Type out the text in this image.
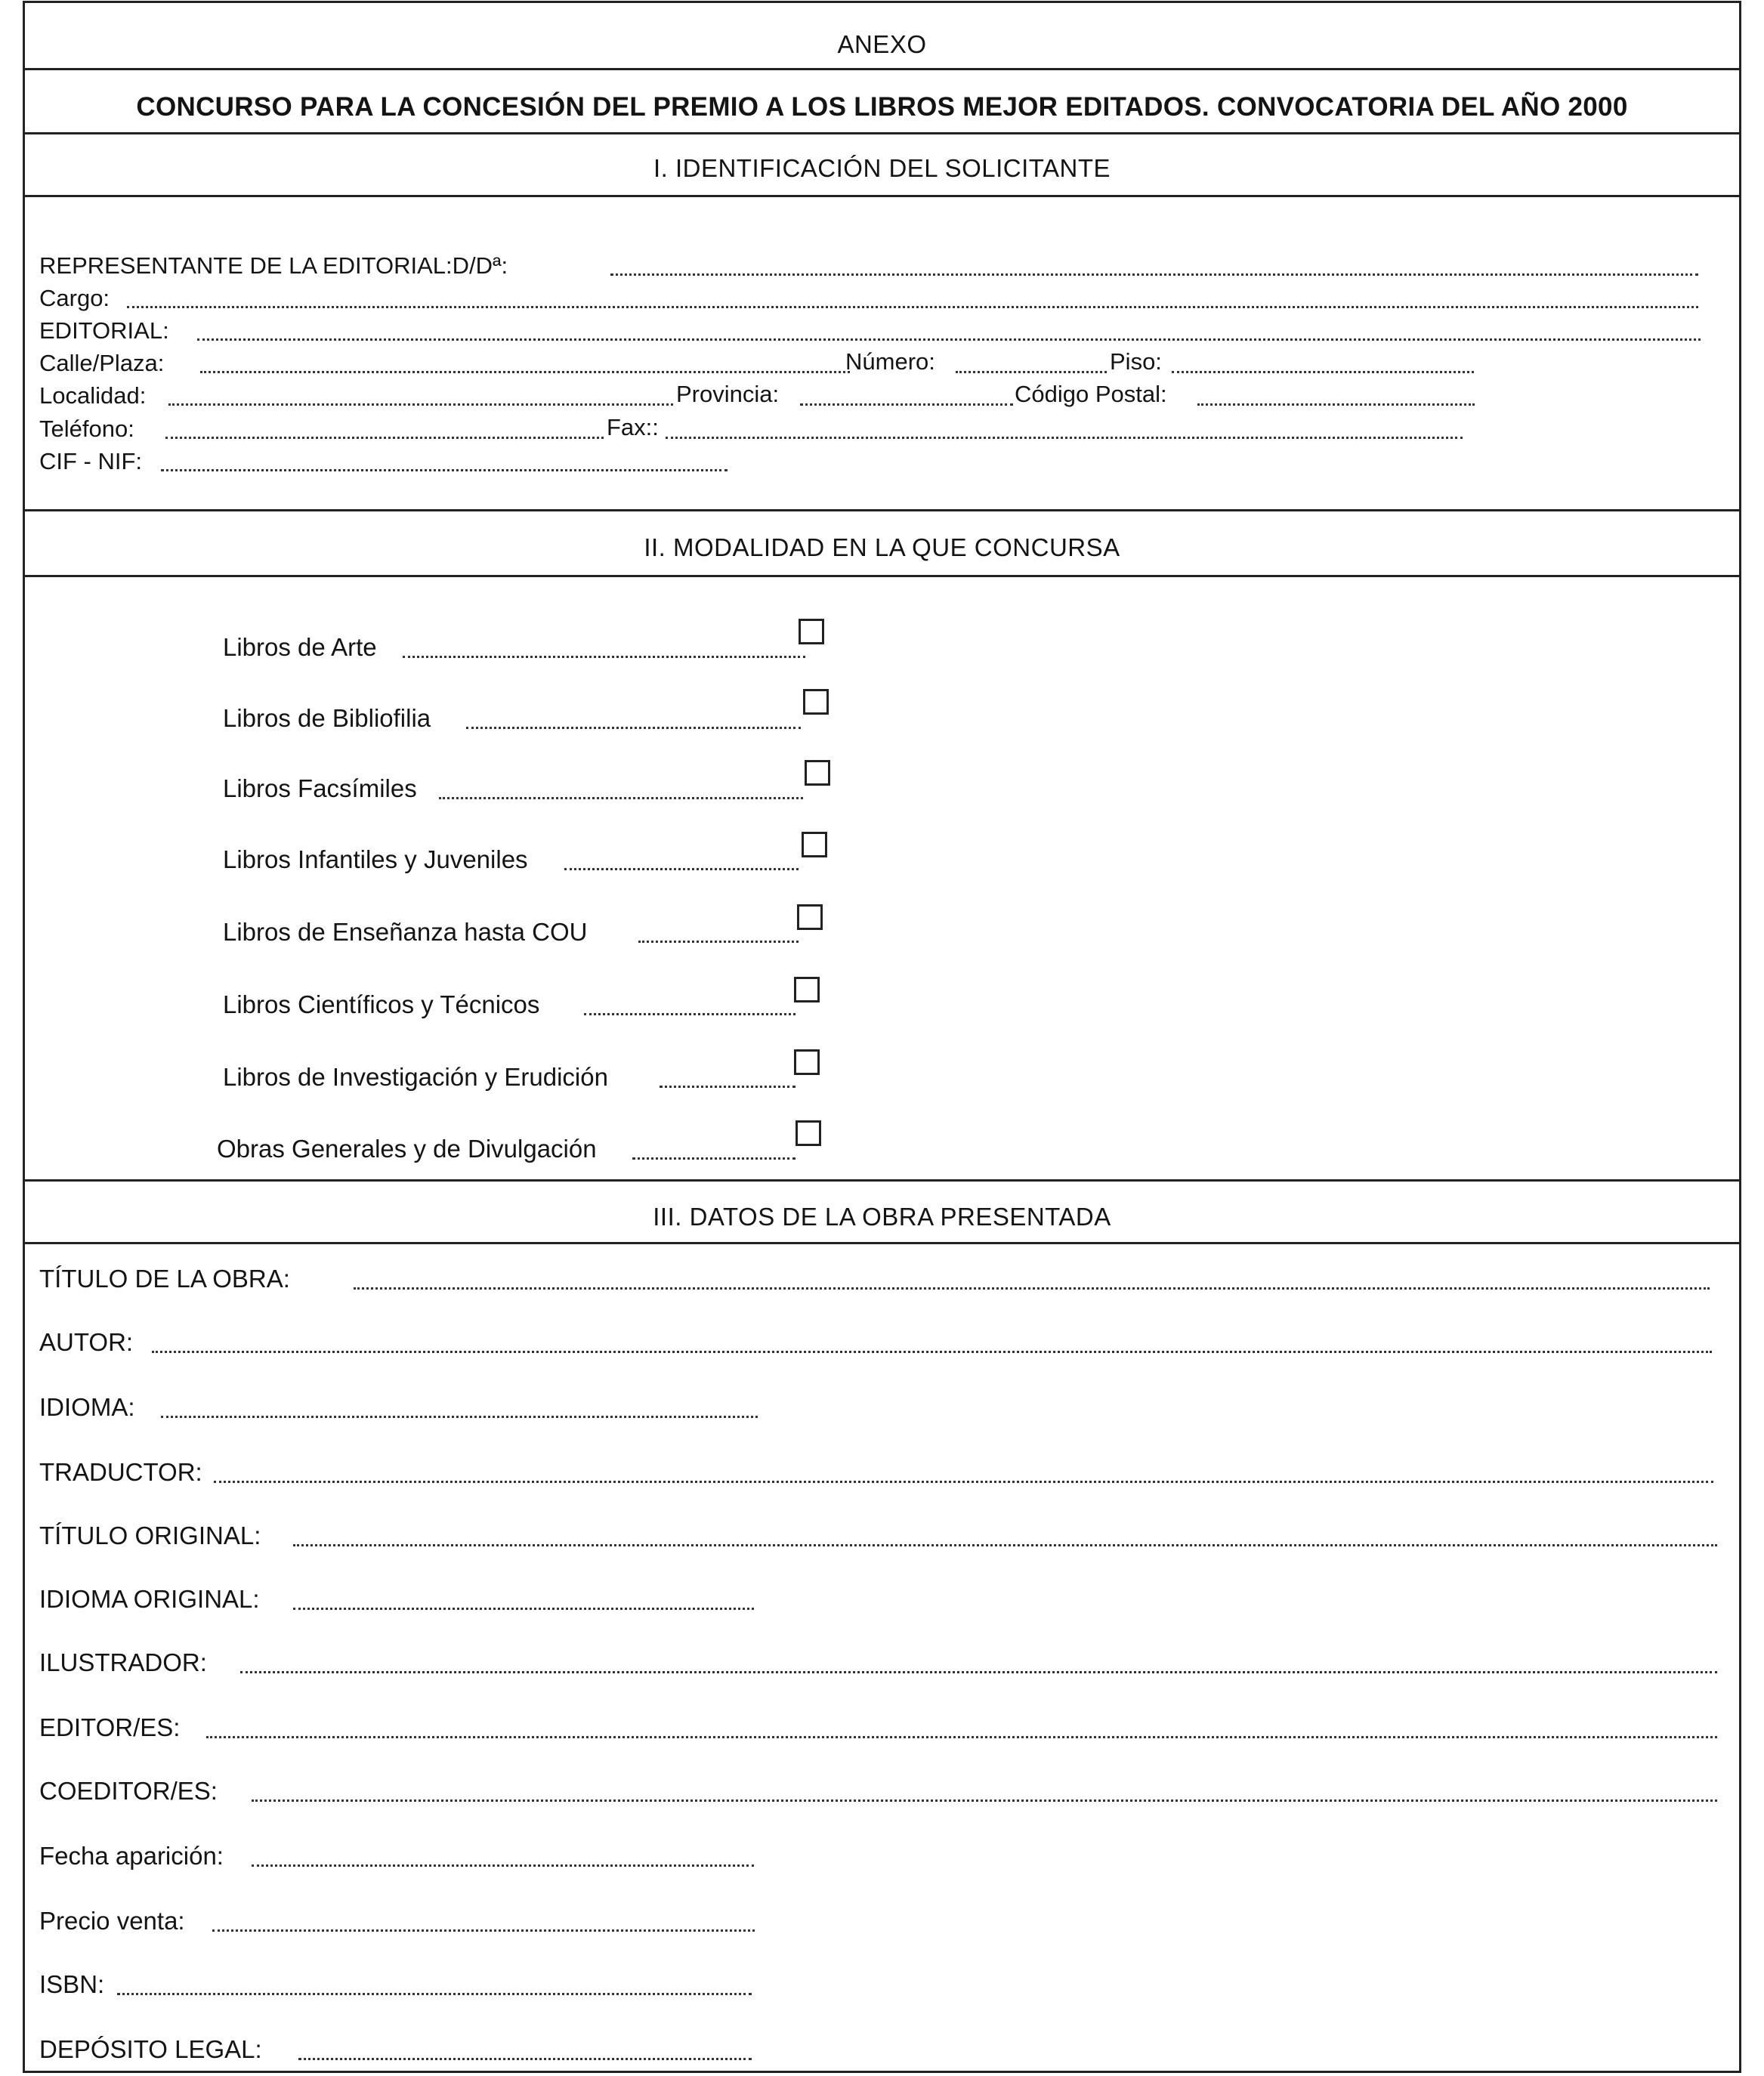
ANEXO
CONCURSO PARA LA CONCESIÓN DEL PREMIO A LOS LIBROS MEJOR EDITADOS. CONVOCATORIA DEL AÑO 2000
I. IDENTIFICACIÓN DEL SOLICITANTE
REPRESENTANTE DE LA EDITORIAL:D/Dª:
Cargo:
EDITORIAL:
Calle/Plaza:	Número:	Piso:
Localidad:	Provincia:	Código Postal:
Teléfono:	Fax::
CIF - NIF:
II. MODALIDAD EN LA QUE CONCURSA
Libros de Arte
Libros de Bibliofilia
Libros Facsímiles
Libros Infantiles y Juveniles
Libros de Enseñanza hasta COU
Libros Científicos y Técnicos
Libros de Investigación y Erudición
Obras Generales y de Divulgación
III. DATOS DE LA OBRA PRESENTADA
TÍTULO DE LA OBRA:
AUTOR:
IDIOMA:
TRADUCTOR:
TÍTULO ORIGINAL:
IDIOMA ORIGINAL:
ILUSTRADOR:
EDITOR/ES:
COEDITOR/ES:
Fecha aparición:
Precio venta:
ISBN:
DEPÓSITO LEGAL:
